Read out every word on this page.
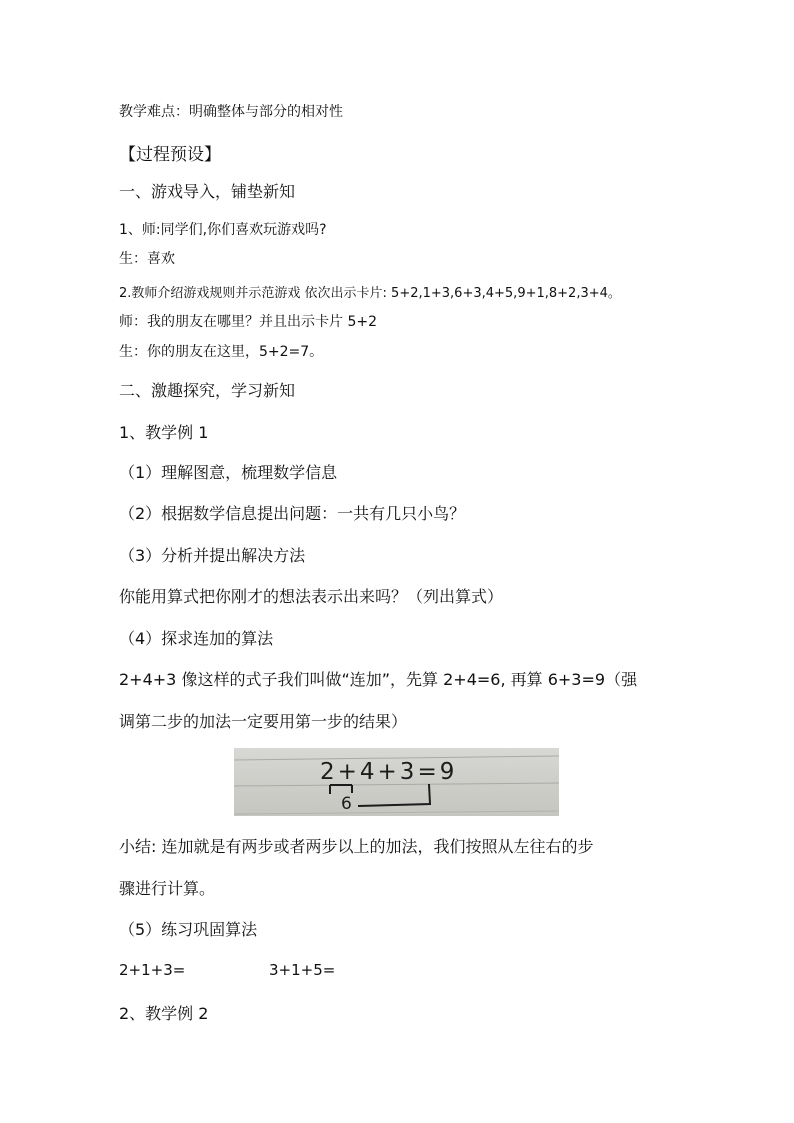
教学难点：明确整体与部分的相对性
【过程预设】
一、游戏导入，铺垫新知
1、师:同学们,你们喜欢玩游戏吗?
生：喜欢
2.教师介绍游戏规则并示范游戏 依次出示卡片: 5+2,1+3,6+3,4+5,9+1,8+2,3+4。
师：我的朋友在哪里？并且出示卡片 5+2
生：你的朋友在这里，5+2=7。
二、激趣探究，学习新知
1、教学例 1
（1）理解图意，梳理数学信息
（2）根据数学信息提出问题：一共有几只小鸟？
（3）分析并提出解决方法
你能用算式把你刚才的想法表示出来吗？（列出算式）
（4）探求连加的算法
2+4+3 像这样的式子我们叫做“连加”，先算 2+4=6, 再算 6+3=9（强
调第二步的加法一定要用第一步的结果）
2+4+3=9
6
小结: 连加就是有两步或者两步以上的加法，我们按照从左往右的步
骤进行计算。
（5）练习巩固算法
2+1+3=	3+1+5=
2、教学例 2
